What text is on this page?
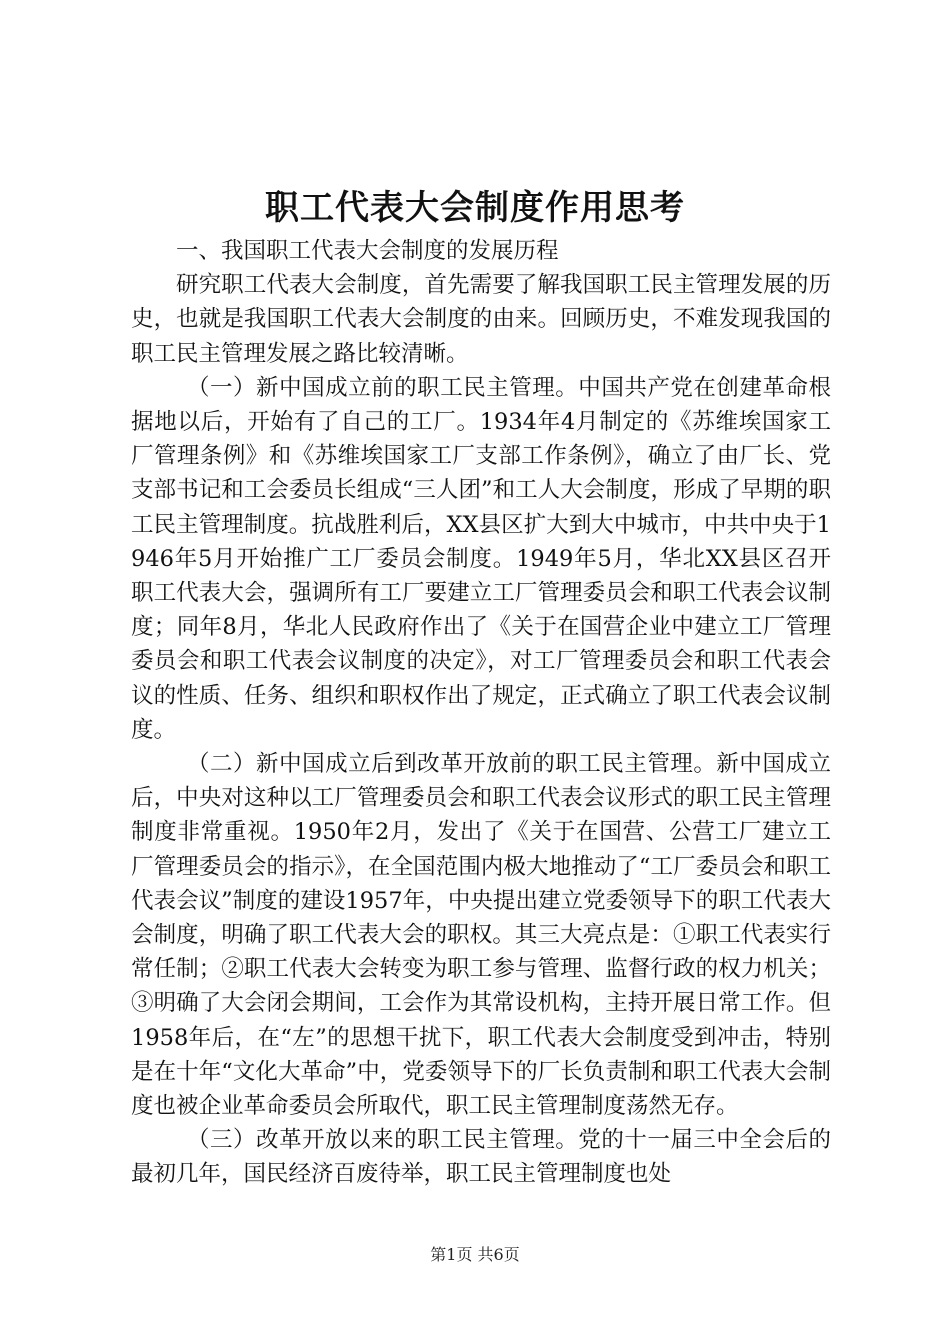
职工代表大会制度作用思考

一、我国职工代表大会制度的发展历程

研究职工代表大会制度，首先需要了解我国职工民主管理发展的历史，也就是我国职工代表大会制度的由来。回顾历史，不难发现我国的职工民主管理发展之路比较清晰。

（一）新中国成立前的职工民主管理。中国共产党在创建革命根据地以后，开始有了自己的工厂。1934年4月制定的《苏维埃国家工厂管理条例》和《苏维埃国家工厂支部工作条例》，确立了由厂长、党支部书记和工会委员长组成“三人团”和工人大会制度，形成了早期的职工民主管理制度。抗战胜利后，XX县区扩大到大中城市，中共中央于1946年5月开始推广工厂委员会制度。1949年5月，华北XX县区召开职工代表大会，强调所有工厂要建立工厂管理委员会和职工代表会议制度；同年8月，华北人民政府作出了《关于在国营企业中建立工厂管理委员会和职工代表会议制度的决定》，对工厂管理委员会和职工代表会议的性质、任务、组织和职权作出了规定，正式确立了职工代表会议制度。

（二）新中国成立后到改革开放前的职工民主管理。新中国成立后，中央对这种以工厂管理委员会和职工代表会议形式的职工民主管理制度非常重视。1950年2月，发出了《关于在国营、公营工厂建立工厂管理委员会的指示》，在全国范围内极大地推动了“工厂委员会和职工代表会议”制度的建设1957年，中央提出建立党委领导下的职工代表大会制度，明确了职工代表大会的职权。其三大亮点是：①职工代表实行常任制；②职工代表大会转变为职工参与管理、监督行政的权力机关；③明确了大会闭会期间，工会作为其常设机构，主持开展日常工作。但1958年后，在“左”的思想干扰下，职工代表大会制度受到冲击，特别是在十年“文化大革命”中，党委领导下的厂长负责制和职工代表大会制度也被企业革命委员会所取代，职工民主管理制度荡然无存。

（三）改革开放以来的职工民主管理。党的十一届三中全会后的最初几年，国民经济百废待举，职工民主管理制度也处

第1页 共6页
